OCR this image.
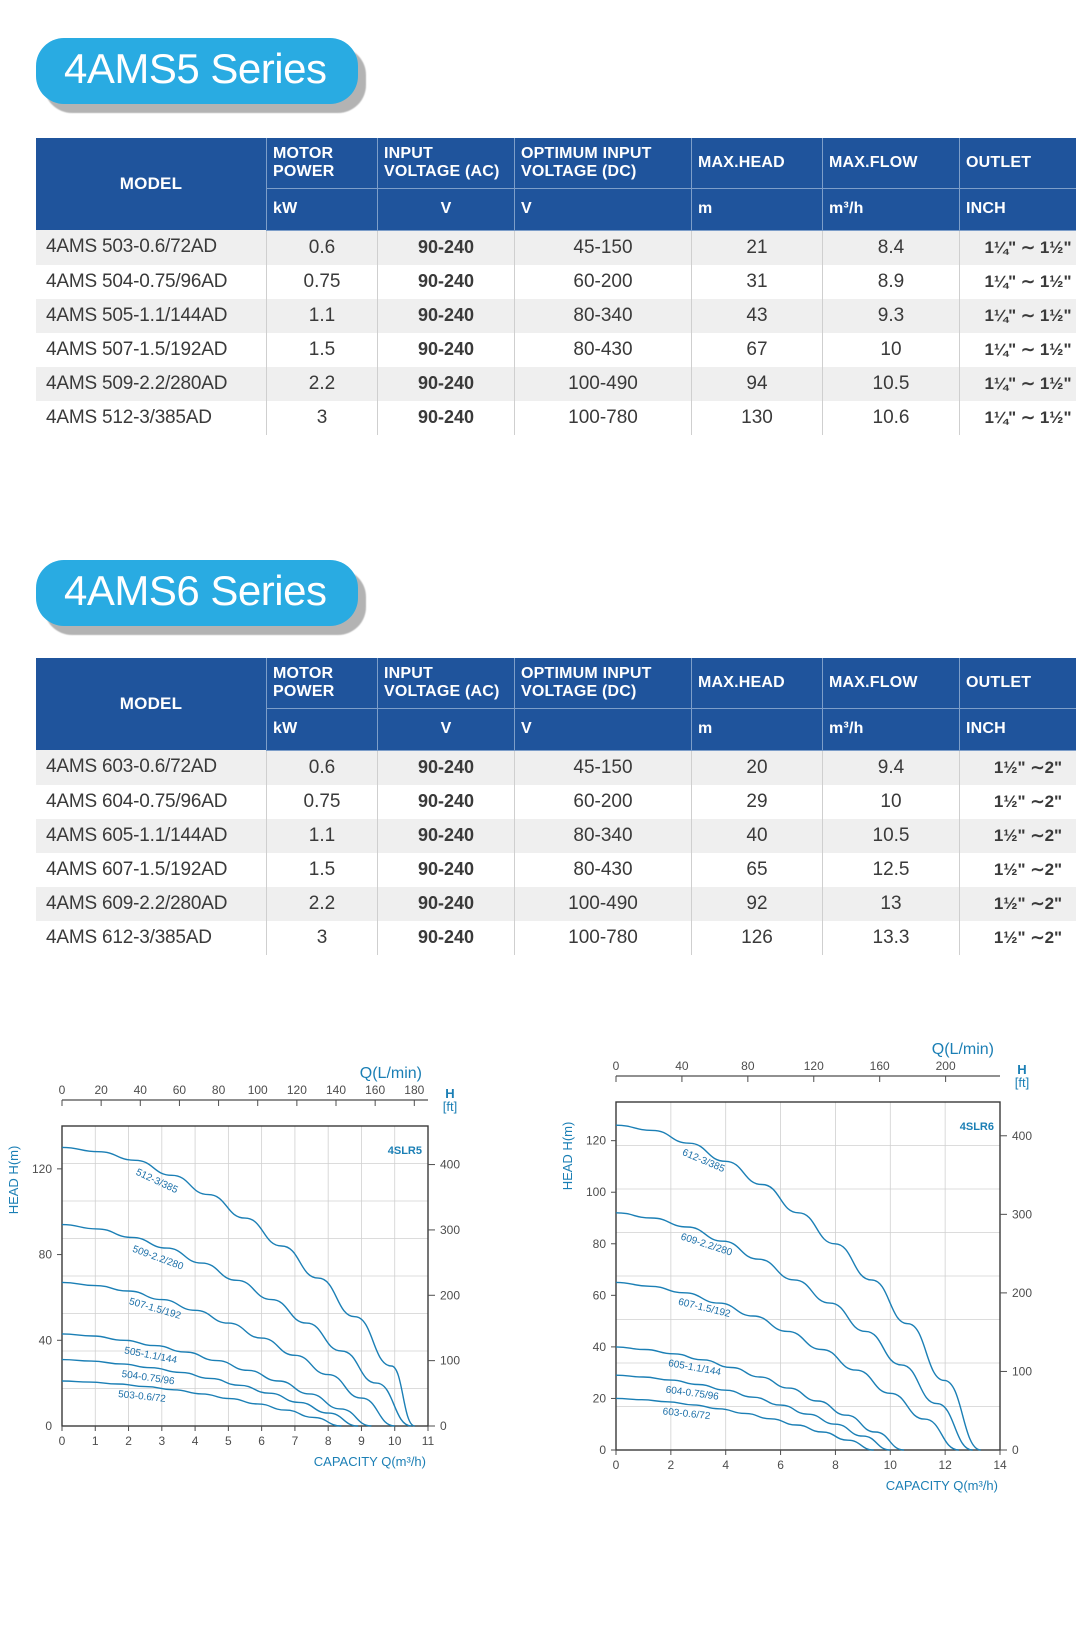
4AMS5 Series
MODEL	MOTOR POWER	INPUT VOLTAGE (AC)	OPTIMUM INPUT VOLTAGE (DC)	MAX.HEAD	MAX.FLOW	OUTLET
	kW	V	V	m	m³/h	INCH
4AMS 503-0.6/72AD	0.6	90-240	45-150	21	8.4	1¼" ∼ 1½"
4AMS 504-0.75/96AD	0.75	90-240	60-200	31	8.9	1¼" ∼ 1½"
4AMS 505-1.1/144AD	1.1	90-240	80-340	43	9.3	1¼" ∼ 1½"
4AMS 507-1.5/192AD	1.5	90-240	80-430	67	10	1¼" ∼ 1½"
4AMS 509-2.2/280AD	2.2	90-240	100-490	94	10.5	1¼" ∼ 1½"
4AMS 512-3/385AD	3	90-240	100-780	130	10.6	1¼" ∼ 1½"
4AMS6 Series
MODEL	MOTOR POWER	INPUT VOLTAGE (AC)	OPTIMUM INPUT VOLTAGE (DC)	MAX.HEAD	MAX.FLOW	OUTLET
	kW	V	V	m	m³/h	INCH
4AMS 603-0.6/72AD	0.6	90-240	45-150	20	9.4	1½" ∼2"
4AMS 604-0.75/96AD	0.75	90-240	60-200	29	10	1½" ∼2"
4AMS 605-1.1/144AD	1.1	90-240	80-340	40	10.5	1½" ∼2"
4AMS 607-1.5/192AD	1.5	90-240	80-430	65	12.5	1½" ∼2"
4AMS 609-2.2/280AD	2.2	90-240	100-490	92	13	1½" ∼2"
4AMS 612-3/385AD	3	90-240	100-780	126	13.3	1½" ∼2"
Q(L/min)
0 20 40 60 80 100 120 140 160 180
HEAD H(m)
H
[ft]
0
40
80
120
0
100
200
300
400
0 1 2 3 4 5 6 7 8 9 10 11
CAPACITY Q(m³/h)
4SLR5
512-3/385
509-2.2/280
507-1.5/192
505-1.1/144
504-0.75/96
503-0.6/72
Q(L/min)
0	40	80	120	160	200
HEAD H(m)
H
[ft]
0
20
40
60
80
100
120
0
100
200
300
400
0	2	4	6	8	10	12	14
CAPACITY Q(m³/h)
4SLR6
612-3/385
609-2.2/280
607-1.5/192
605-1.1/144
604-0.75/96
603-0.6/72
